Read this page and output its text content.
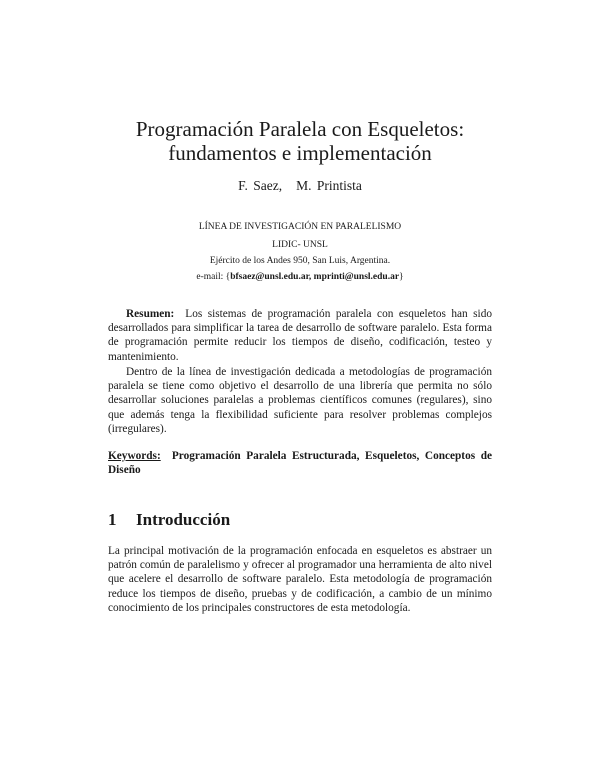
Programación Paralela con Esqueletos:
fundamentos e implementación
F. Saez, M. Printista
LÍNEA DE INVESTIGACIÓN EN PARALELISMO
LIDIC- UNSL
Ejército de los Andes 950, San Luis, Argentina.
e-mail: {bfsaez@unsl.edu.ar, mprinti@unsl.edu.ar}

Resumen: Los sistemas de programación paralela con esqueletos han sido desarrollados para simplificar la tarea de desarrollo de software paralelo. Esta forma de programación permite reducir los tiempos de diseño, codificación, testeo y mantenimiento.

Dentro de la línea de investigación dedicada a metodologías de programación paralela se tiene como objetivo el desarrollo de una librería que permita no sólo desarrollar soluciones paralelas a problemas científicos comunes (regulares), sino que además tenga la flexibilidad suficiente para resolver problemas complejos (irregulares).

Keywords: Programación Paralela Estructurada, Esqueletos, Conceptos de Diseño

1 Introducción

La principal motivación de la programación enfocada en esqueletos es abstraer un patrón común de paralelismo y ofrecer al programador una herramienta de alto nivel que acelere el desarrollo de software paralelo. Esta metodología de programación reduce los tiempos de diseño, pruebas y de codificación, a cambio de un mínimo conocimiento de los principales constructores de esta metodología.
